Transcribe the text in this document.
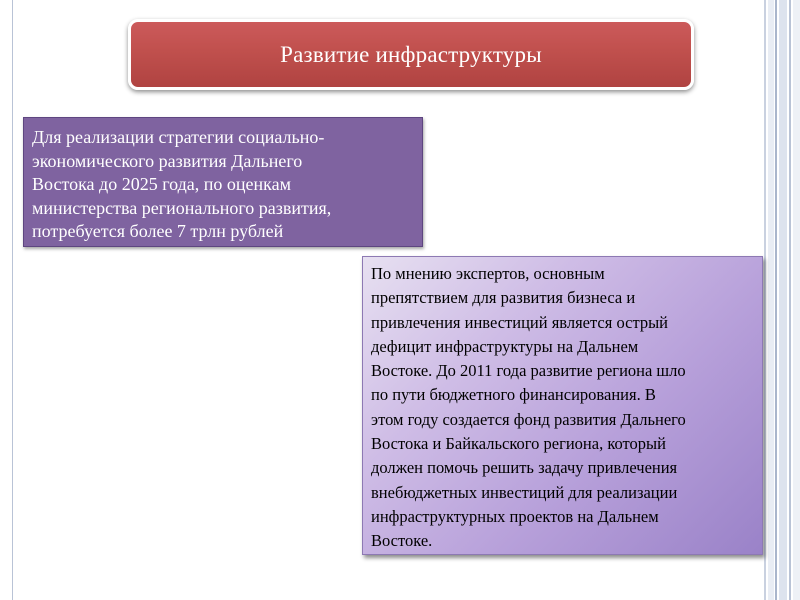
Развитие инфраструктуры
Для реализации стратегии социально-
экономического развития Дальнего
Востока до 2025 года, по оценкам
министерства регионального развития,
потребуется более 7 трлн рублей
По мнению экспертов, основным
препятствием для развития бизнеса и
привлечения инвестиций является острый
дефицит инфраструктуры на Дальнем
Востоке. До 2011 года развитие региона шло
по пути бюджетного финансирования. В
этом году создается фонд развития Дальнего
Востока и Байкальского региона, который
должен помочь решить задачу привлечения
внебюджетных инвестиций для реализации
инфраструктурных проектов на Дальнем
Востоке.
